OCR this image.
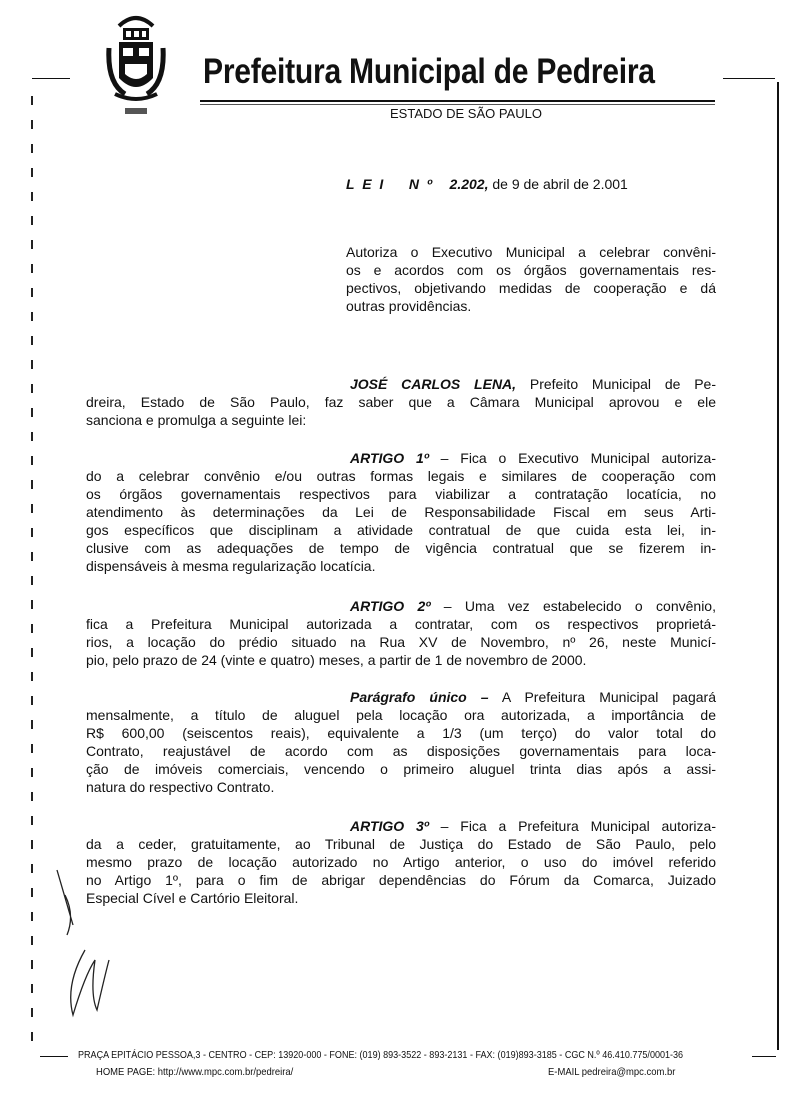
Prefeitura Municipal de Pedreira
ESTADO DE SÃO PAULO
L E I    N º 2.202, de 9 de abril de 2.001
Autoriza o Executivo Municipal a celebrar convêni-
os e acordos com os órgãos governamentais res-
pectivos, objetivando medidas de cooperação e dá
outras providências.
JOSÉ CARLOS LENA, Prefeito Municipal de Pe-
dreira, Estado de São Paulo, faz saber que a Câmara Municipal aprovou e ele
sanciona e promulga a seguinte lei:
ARTIGO 1º – Fica o Executivo Municipal autoriza-
do a celebrar convênio e/ou outras formas legais e similares de cooperação com
os órgãos governamentais respectivos para viabilizar a contratação locatícia, no
atendimento às determinações da Lei de Responsabilidade Fiscal em seus Arti-
gos específicos que disciplinam a atividade contratual de que cuida esta lei, in-
clusive com as adequações de tempo de vigência contratual que se fizerem in-
dispensáveis à mesma regularização locatícia.
ARTIGO 2º – Uma vez estabelecido o convênio,
fica a Prefeitura Municipal autorizada a contratar, com os respectivos proprietá-
rios, a locação do prédio situado na Rua XV de Novembro, nº 26, neste Municí-
pio, pelo prazo de 24 (vinte e quatro) meses, a partir de 1 de novembro de 2000.
Parágrafo único – A Prefeitura Municipal pagará
mensalmente, a título de aluguel pela locação ora autorizada, a importância de
R$ 600,00 (seiscentos reais), equivalente a 1/3 (um terço) do valor total do
Contrato, reajustável de acordo com as disposições governamentais para loca-
ção de imóveis comerciais, vencendo o primeiro aluguel trinta dias após a assi-
natura do respectivo Contrato.
ARTIGO 3º – Fica a Prefeitura Municipal autoriza-
da a ceder, gratuitamente, ao Tribunal de Justiça do Estado de São Paulo, pelo
mesmo prazo de locação autorizado no Artigo anterior, o uso do imóvel referido
no Artigo 1º, para o fim de abrigar dependências do Fórum da Comarca, Juizado
Especial Cível e Cartório Eleitoral.
PRAÇA EPITÁCIO PESSOA,3 - CENTRO - CEP: 13920-000 - FONE: (019) 893-3522 - 893-2131 - FAX: (019)893-3185 - CGC N.º 46.410.775/0001-36
HOME PAGE: http://www.mpc.com.br/pedreira/	E-MAIL pedreira@mpc.com.br
